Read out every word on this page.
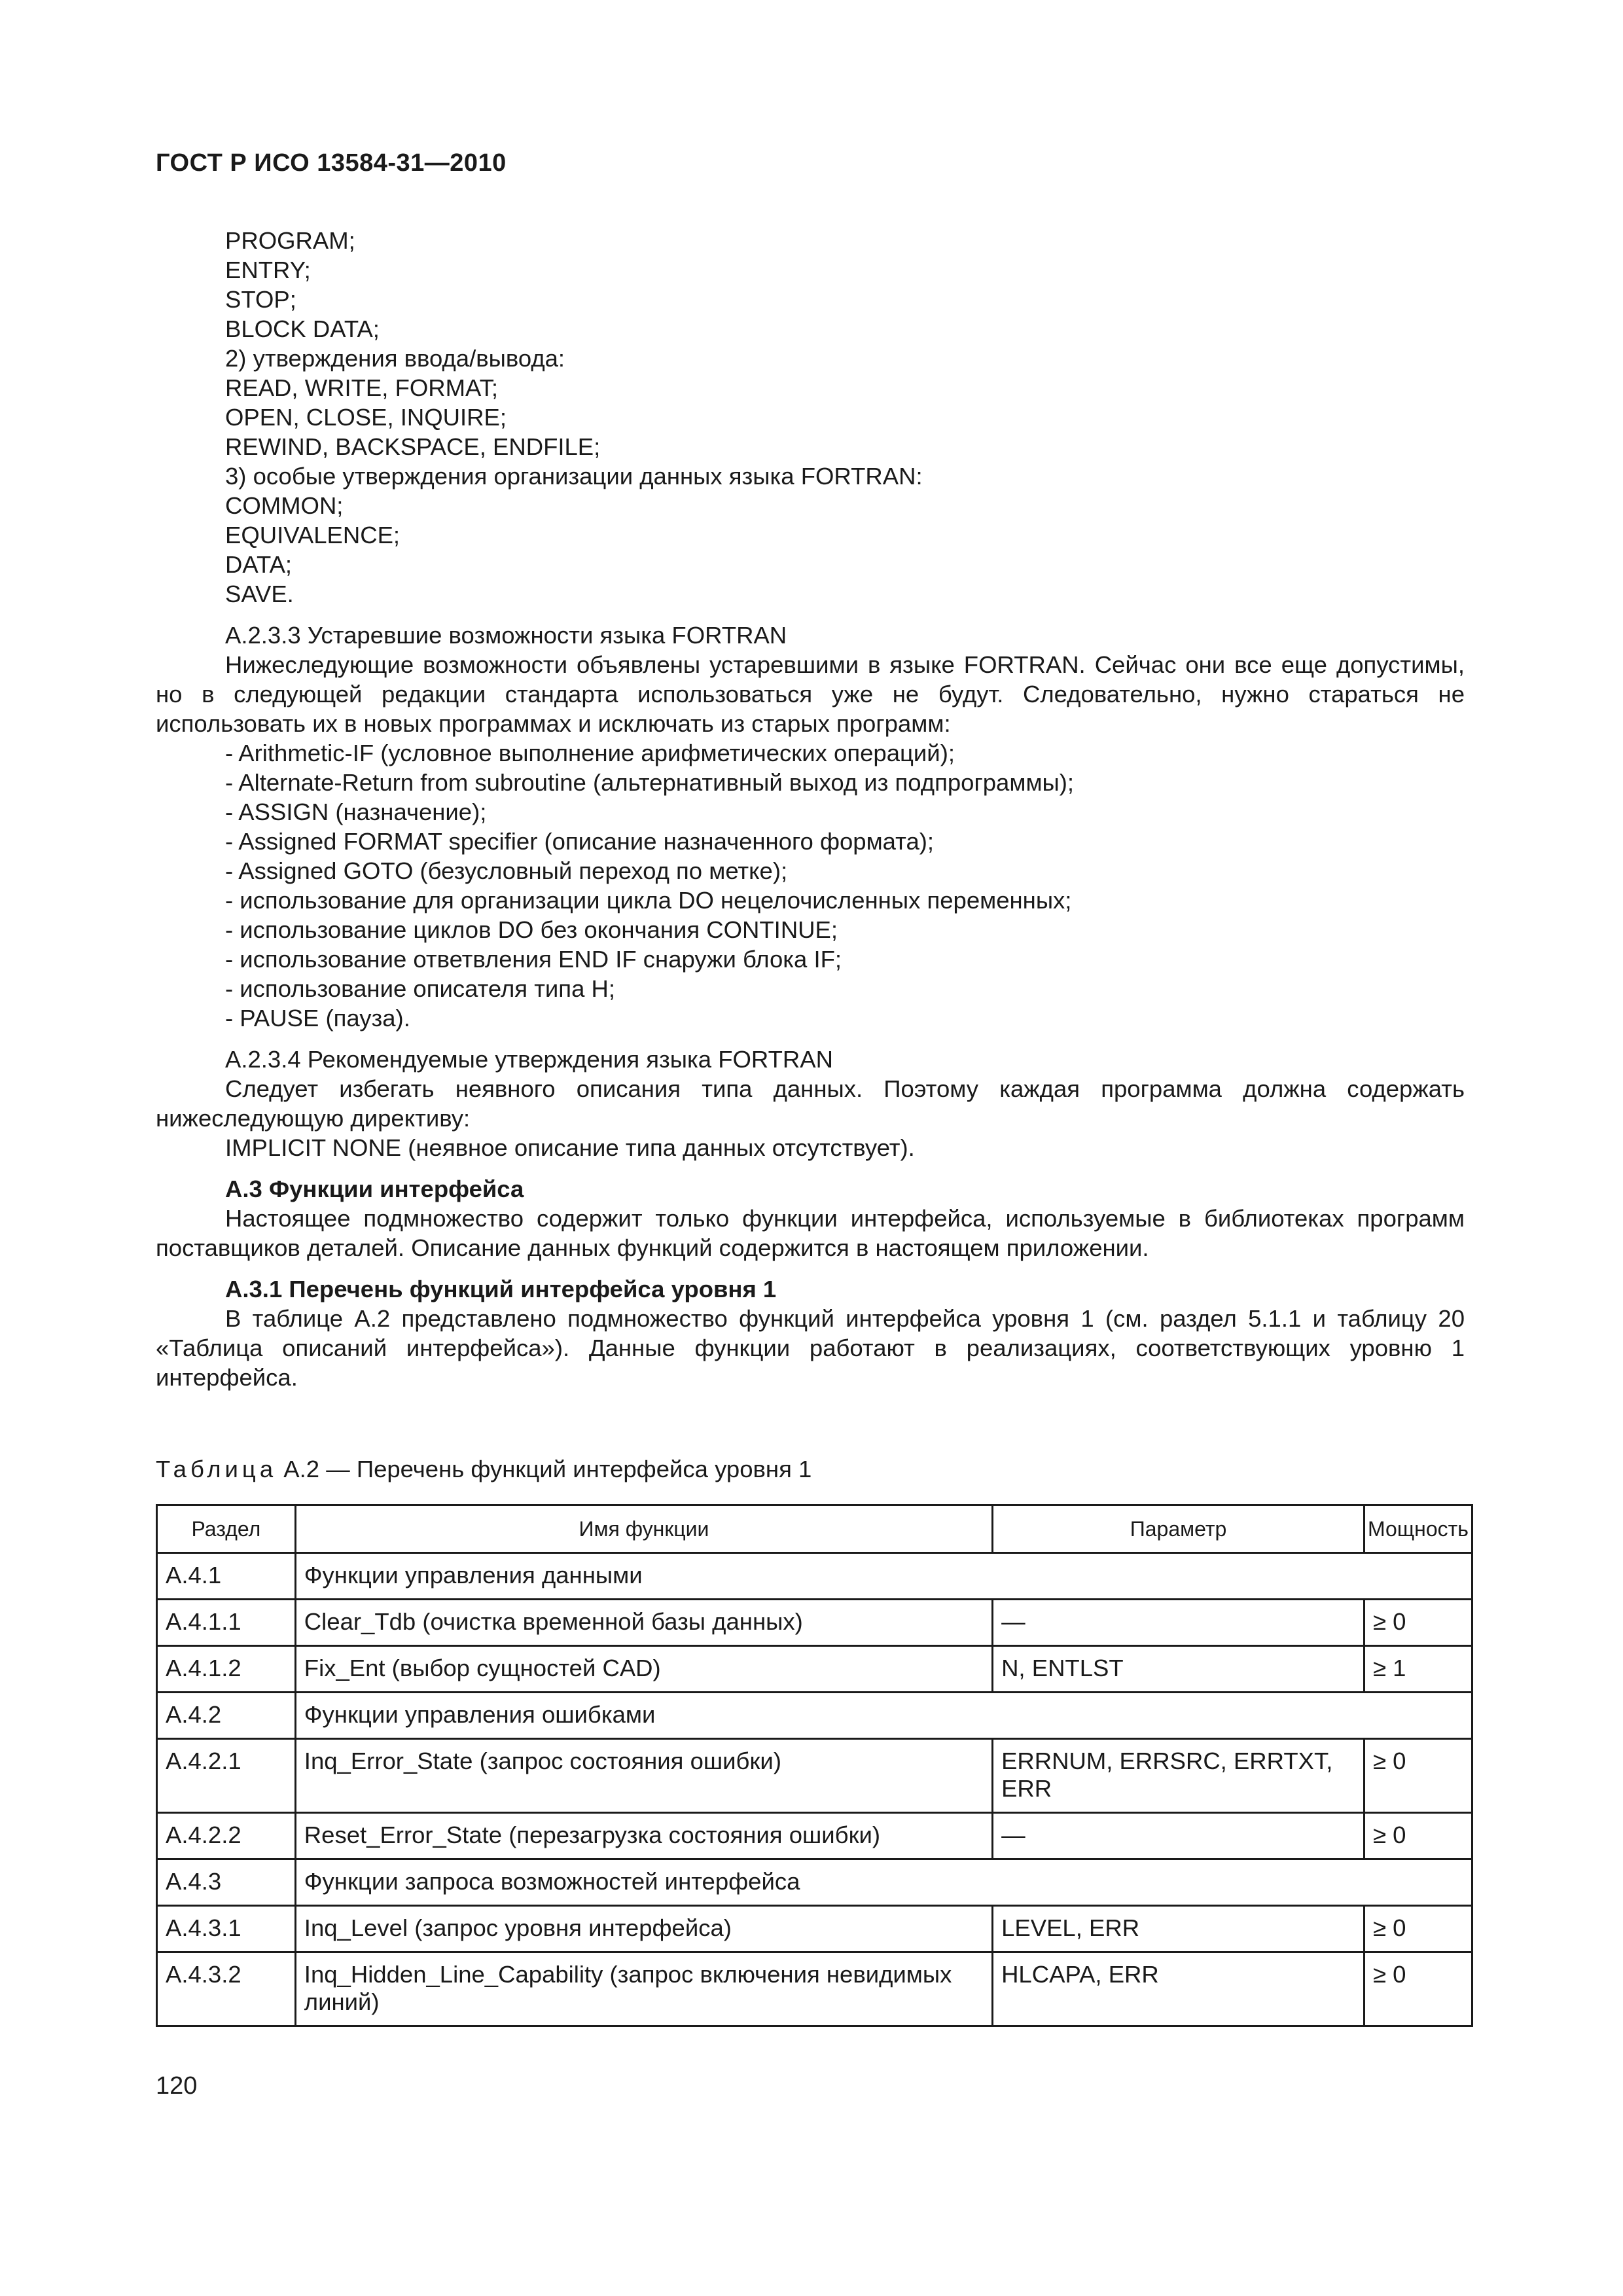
ГОСТ Р ИСО 13584-31—2010

PROGRAM;

ENTRY;

STOP;

BLOCK DATA;

2) утверждения ввода/вывода:

READ, WRITE, FORMAT;

OPEN, CLOSE, INQUIRE;

REWIND, BACKSPACE, ENDFILE;

3) особые утверждения организации данных языка FORTRAN:

COMMON;

EQUIVALENCE;

DATA;

SAVE.

А.2.3.3 Устаревшие возможности языка FORTRAN

Нижеследующие возможности объявлены устаревшими в языке FORTRAN. Сейчас они все еще допустимы, но в следующей редакции стандарта использоваться уже не будут. Следовательно, нужно стараться не использовать их в новых программах и исключать из старых программ:

- Arithmetic-IF (условное выполнение арифметических операций);

- Alternate-Return from subroutine (альтернативный выход из подпрограммы);

- ASSIGN (назначение);

- Assigned FORMAT specifier (описание назначенного формата);

- Assigned GOTO (безусловный переход по метке);

- использование для организации цикла DO нецелочисленных переменных;

- использование циклов DO без окончания CONTINUE;

- использование ответвления END IF снаружи блока IF;

- использование описателя типа H;

- PAUSE (пауза).

А.2.3.4 Рекомендуемые утверждения языка FORTRAN

Следует избегать неявного описания типа данных. Поэтому каждая программа должна содержать нижеследующую директиву:

IMPLICIT NONE (неявное описание типа данных отсутствует).

А.3 Функции интерфейса

Настоящее подмножество содержит только функции интерфейса, используемые в библиотеках программ поставщиков деталей. Описание данных функций содержится в настоящем приложении.

А.3.1 Перечень функций интерфейса уровня 1

В таблице А.2 представлено подмножество функций интерфейса уровня 1 (см. раздел 5.1.1 и таблицу 20 «Таблица описаний интерфейса»). Данные функции работают в реализациях, соответствующих уровню 1 интерфейса.

Таблица А.2 — Перечень функций интерфейса уровня 1
Раздел	Имя функции	Параметр	Мощность
А.4.1	Функции управления данными		
А.4.1.1	Clear_Tdb (очистка временной базы данных)	—	≥ 0
А.4.1.2	Fix_Ent (выбор сущностей CAD)	N, ENTLST	≥ 1
А.4.2	Функции управления ошибками		
А.4.2.1	Inq_Error_State (запрос состояния ошибки)	ERRNUM, ERRSRC, ERRTXT, ERR	≥ 0
А.4.2.2	Reset_Error_State (перезагрузка состояния ошибки)	—	≥ 0
А.4.3	Функции запроса возможностей интерфейса		
А.4.3.1	Inq_Level (запрос уровня интерфейса)	LEVEL, ERR	≥ 0
А.4.3.2	Inq_Hidden_Line_Capability (запрос включения невидимых линий)	HLCAPA, ERR	≥ 0
120
